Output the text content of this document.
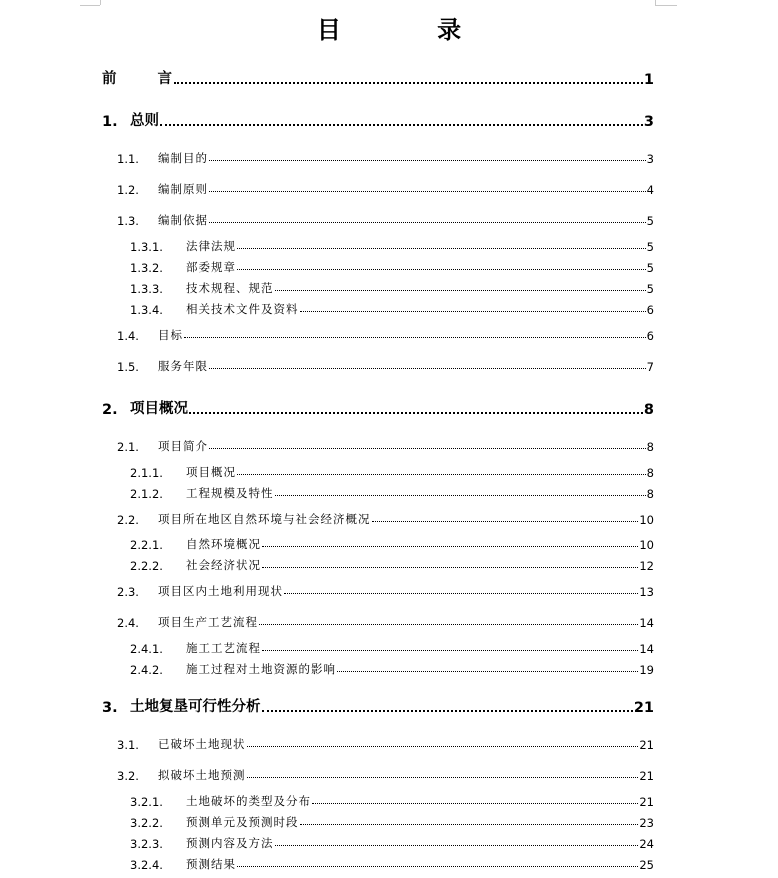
目 录
前 言	1
1. 总则	3
1.1.	编制目的	3
1.2.	编制原则	4
1.3.	编制依据	5
1.3.1.	法律法规	5
1.3.2.	部委规章	5
1.3.3.	技术规程、规范	5
1.3.4.	相关技术文件及资料	6
1.4.	目标	6
1.5.	服务年限	7
2. 项目概况	8
2.1.	项目简介	8
2.1.1.	项目概况	8
2.1.2.	工程规模及特性	8
2.2.	项目所在地区自然环境与社会经济概况	10
2.2.1.	自然环境概况	10
2.2.2.	社会经济状况	12
2.3.	项目区内土地利用现状	13
2.4.	项目生产工艺流程	14
2.4.1.	施工工艺流程	14
2.4.2.	施工过程对土地资源的影响	19
3. 土地复垦可行性分析	21
3.1.	已破坏土地现状	21
3.2.	拟破坏土地预测	21
3.2.1.	土地破坏的类型及分布	21
3.2.2.	预测单元及预测时段	23
3.2.3.	预测内容及方法	24
3.2.4.	预测结果	25
